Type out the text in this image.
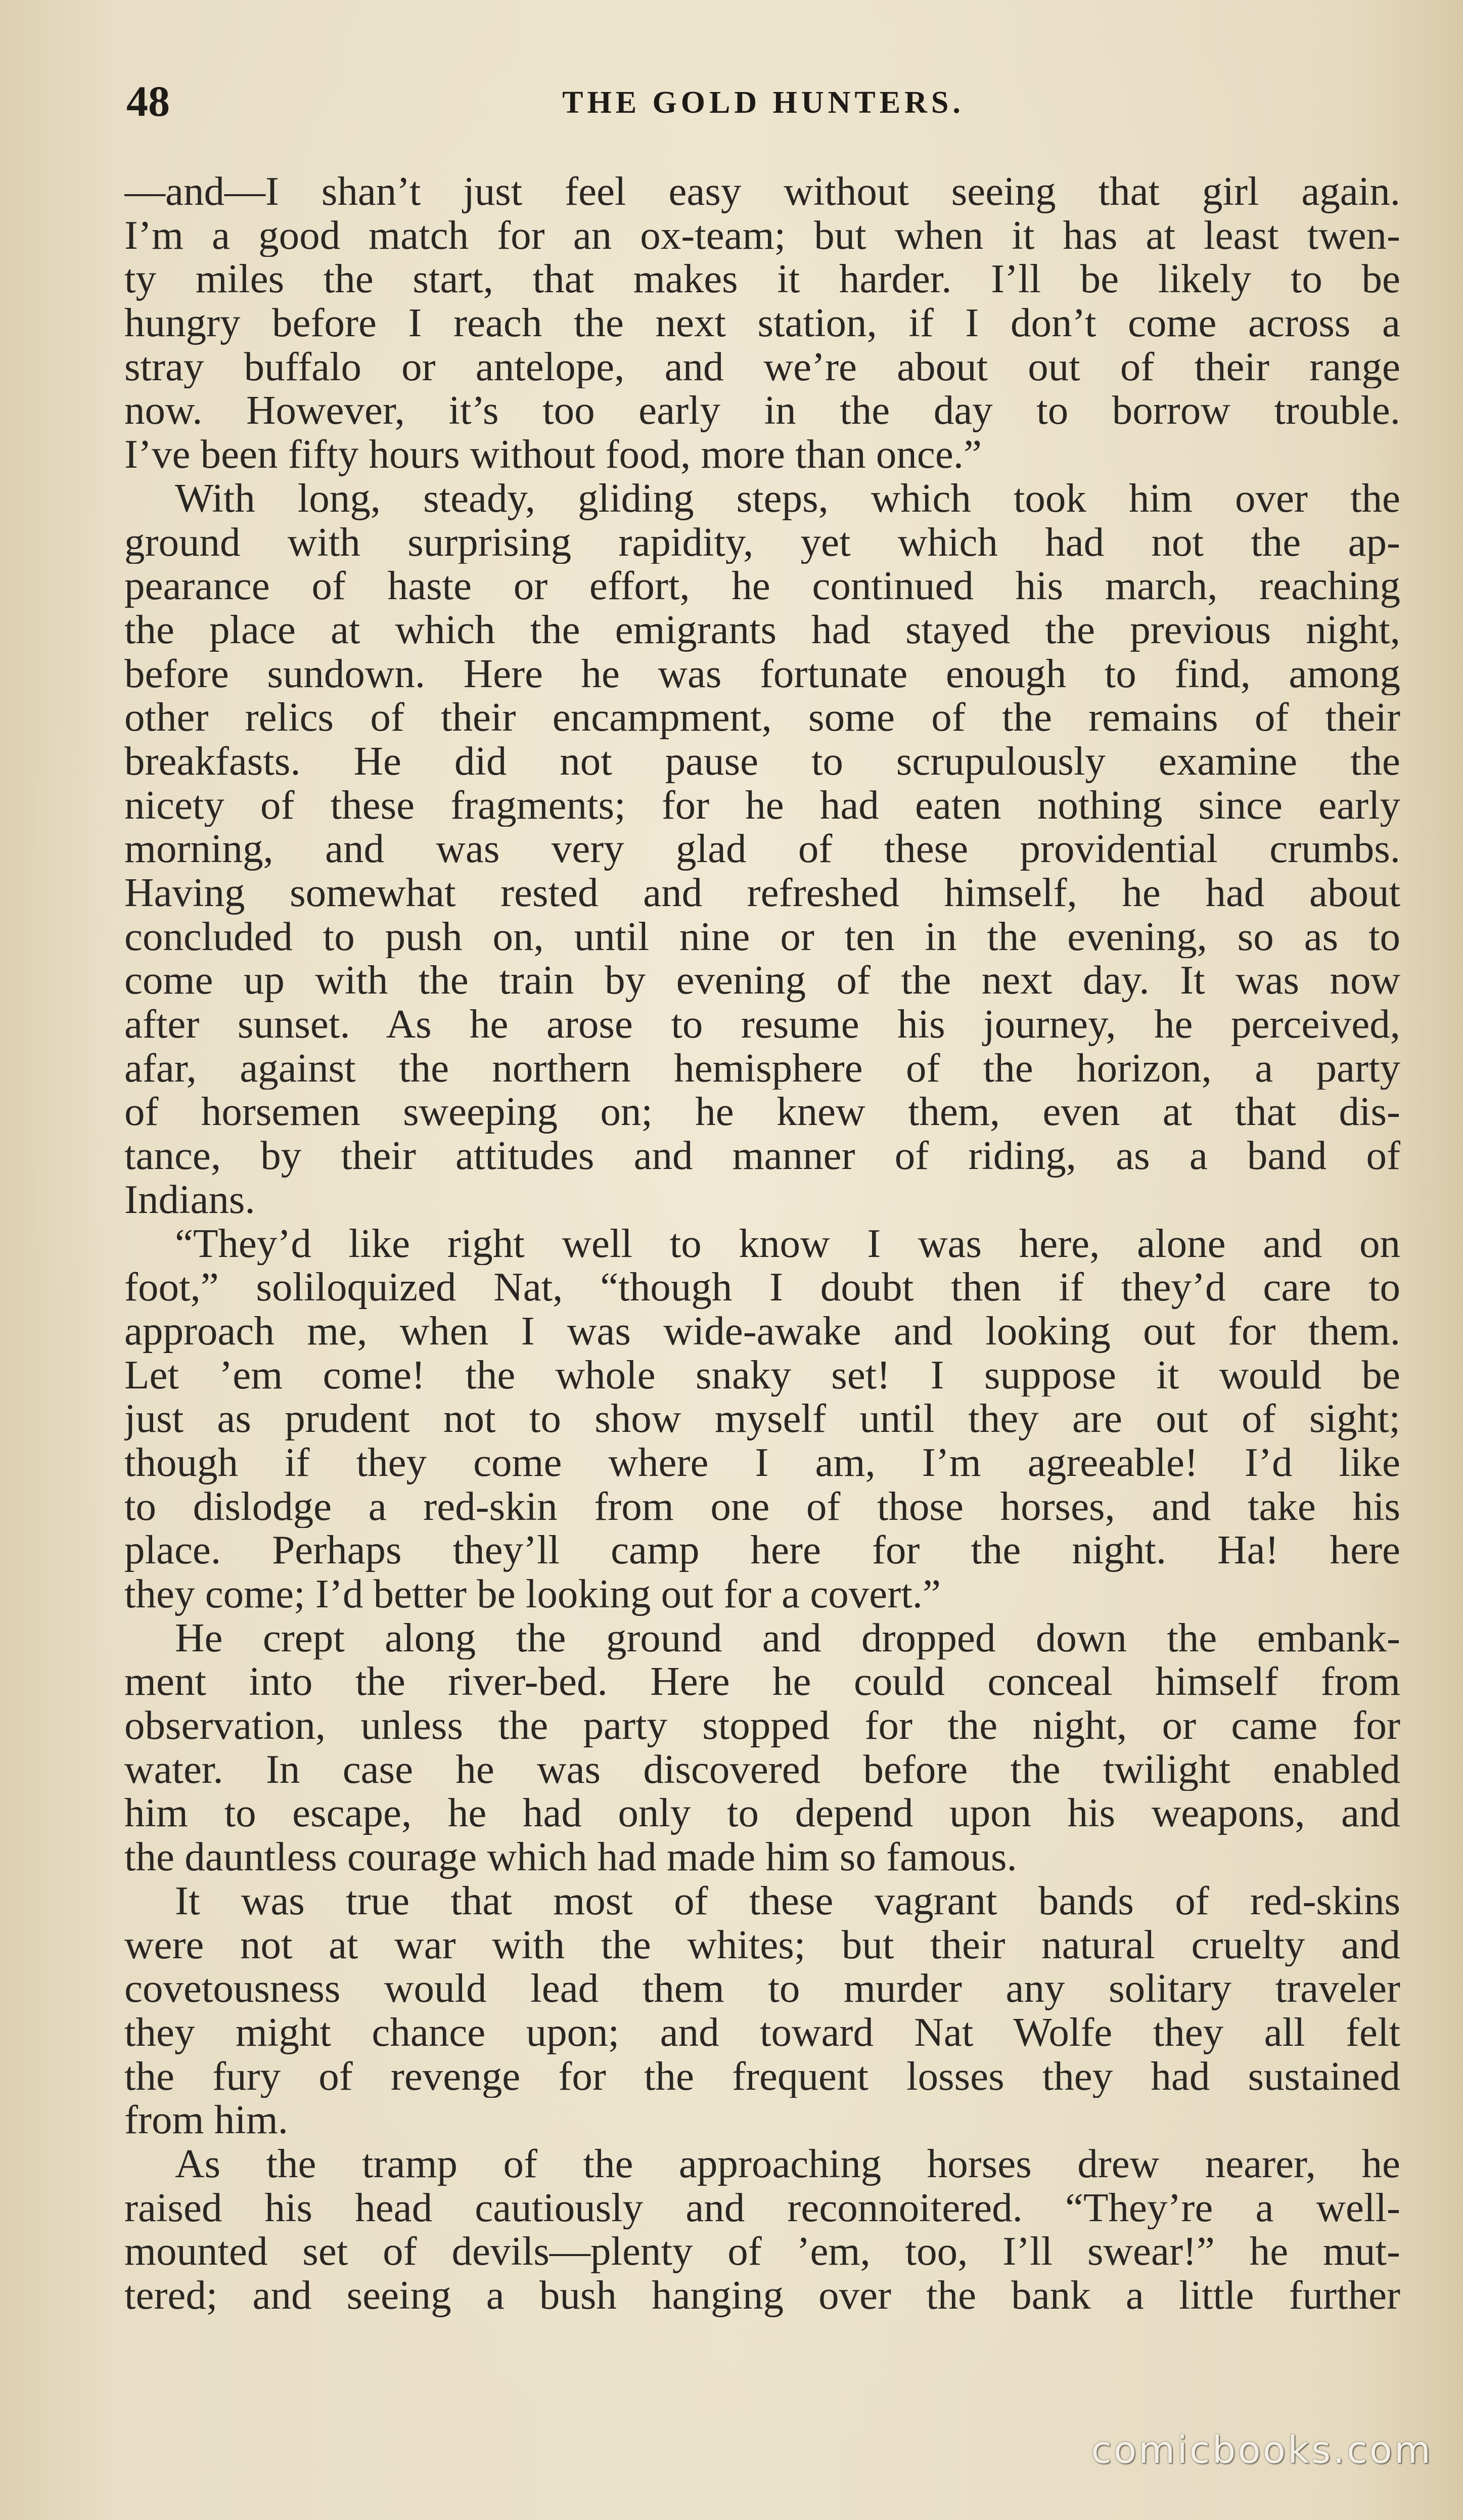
48	THE GOLD HUNTERS.
—and—I shan’t just feel easy without seeing that girl again.
I’m a good match for an ox-team; but when it has at least twen-
ty miles the start, that makes it harder. I’ll be likely to be
hungry before I reach the next station, if I don’t come across a
stray buffalo or antelope, and we’re about out of their range
now. However, it’s too early in the day to borrow trouble.
I’ve been fifty hours without food, more than once.”
With long, steady, gliding steps, which took him over the
ground with surprising rapidity, yet which had not the ap-
pearance of haste or effort, he continued his march, reaching
the place at which the emigrants had stayed the previous night,
before sundown. Here he was fortunate enough to find, among
other relics of their encampment, some of the remains of their
breakfasts. He did not pause to scrupulously examine the
nicety of these fragments; for he had eaten nothing since early
morning, and was very glad of these providential crumbs.
Having somewhat rested and refreshed himself, he had about
concluded to push on, until nine or ten in the evening, so as to
come up with the train by evening of the next day. It was now
after sunset. As he arose to resume his journey, he perceived,
afar, against the northern hemisphere of the horizon, a party
of horsemen sweeping on; he knew them, even at that dis-
tance, by their attitudes and manner of riding, as a band of
Indians.
“They’d like right well to know I was here, alone and on
foot,” soliloquized Nat, “though I doubt then if they’d care to
approach me, when I was wide-awake and looking out for them.
Let ’em come! the whole snaky set! I suppose it would be
just as prudent not to show myself until they are out of sight;
though if they come where I am, I’m agreeable! I’d like
to dislodge a red-skin from one of those horses, and take his
place. Perhaps they’ll camp here for the night. Ha! here
they come; I’d better be looking out for a covert.”
He crept along the ground and dropped down the embank-
ment into the river-bed. Here he could conceal himself from
observation, unless the party stopped for the night, or came for
water. In case he was discovered before the twilight enabled
him to escape, he had only to depend upon his weapons, and
the dauntless courage which had made him so famous.
It was true that most of these vagrant bands of red-skins
were not at war with the whites; but their natural cruelty and
covetousness would lead them to murder any solitary traveler
they might chance upon; and toward Nat Wolfe they all felt
the fury of revenge for the frequent losses they had sustained
from him.
As the tramp of the approaching horses drew nearer, he
raised his head cautiously and reconnoitered. “They’re a well-
mounted set of devils—plenty of ’em, too, I’ll swear!” he mut-
tered; and seeing a bush hanging over the bank a little further
comicbooks.com
